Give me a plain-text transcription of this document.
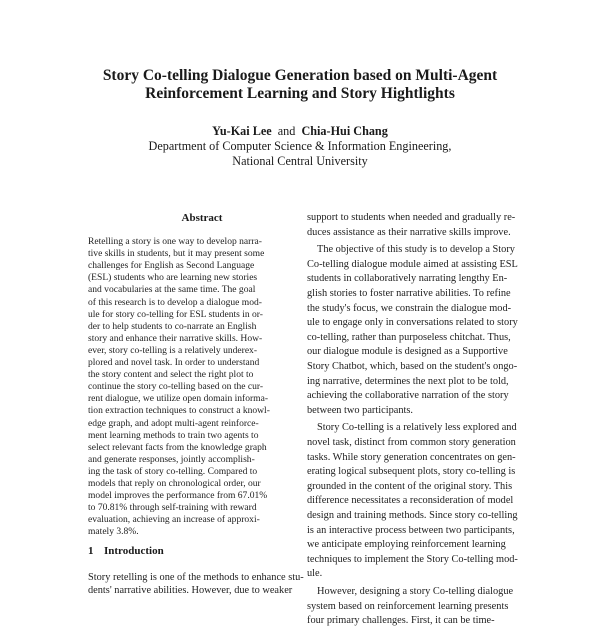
Story Co-telling Dialogue Generation based on Multi-Agent
Reinforcement Learning and Story Hightlights
Yu-Kai Lee and Chia-Hui Chang
Department of Computer Science & Information Engineering,
National Central University
Abstract
Retelling a story is one way to develop narra-
tive skills in students, but it may present some
challenges for English as Second Language
(ESL) students who are learning new stories
and vocabularies at the same time. The goal
of this research is to develop a dialogue mod-
ule for story co-telling for ESL students in or-
der to help students to co-narrate an English
story and enhance their narrative skills. How-
ever, story co-telling is a relatively underex-
plored and novel task. In order to understand
the story content and select the right plot to
continue the story co-telling based on the cur-
rent dialogue, we utilize open domain informa-
tion extraction techniques to construct a knowl-
edge graph, and adopt multi-agent reinforce-
ment learning methods to train two agents to
select relevant facts from the knowledge graph
and generate responses, jointly accomplish-
ing the task of story co-telling. Compared to
models that reply on chronological order, our
model improves the performance from 67.01%
to 70.81% through self-training with reward
evaluation, achieving an increase of approxi-
mately 3.8%.
1 Introduction
Story retelling is one of the methods to enhance stu-
dents' narrative abilities. However, due to weaker
support to students when needed and gradually re-
duces assistance as their narrative skills improve.
The objective of this study is to develop a Story
Co-telling dialogue module aimed at assisting ESL
students in collaboratively narrating lengthy En-
glish stories to foster narrative abilities. To refine
the study's focus, we constrain the dialogue mod-
ule to engage only in conversations related to story
co-telling, rather than purposeless chitchat. Thus,
our dialogue module is designed as a Supportive
Story Chatbot, which, based on the student's ongo-
ing narrative, determines the next plot to be told,
achieving the collaborative narration of the story
between two participants.
Story Co-telling is a relatively less explored and
novel task, distinct from common story generation
tasks. While story generation concentrates on gen-
erating logical subsequent plots, story co-telling is
grounded in the content of the original story. This
difference necessitates a reconsideration of model
design and training methods. Since story co-telling
is an interactive process between two participants,
we anticipate employing reinforcement learning
techniques to implement the Story Co-telling mod-
ule.
However, designing a story Co-telling dialogue
system based on reinforcement learning presents
four primary challenges. First, it can be time-
